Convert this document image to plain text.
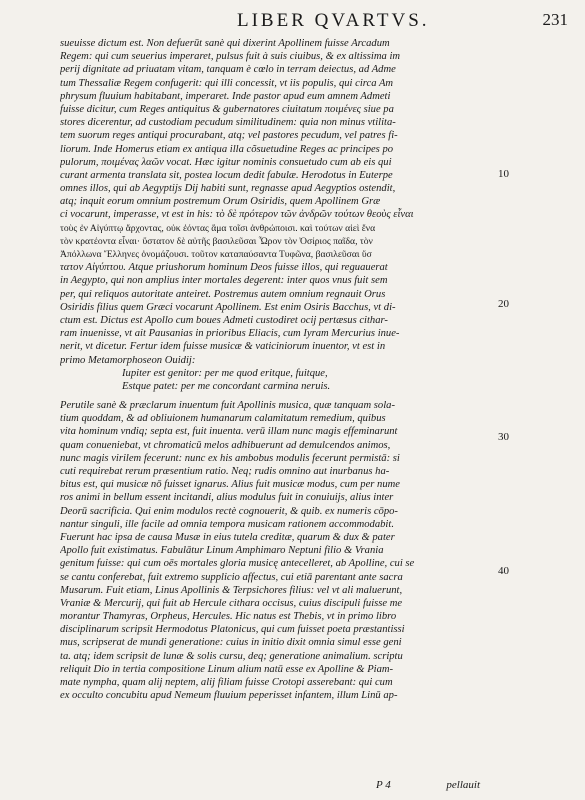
LIBER QVARTVS.	231
sueuisse dictum est. Non defuerūt sanè qui dixerint Apollinem fuisse Arcadum
Regem: qui cum seuerius imperaret, pulsus fuit à suis ciuibus, & ex altissima im
perij dignitate ad priuatam vitam, tanquam è cœlo in terram deiectus, ad Adme
tum Thessaliæ Regem confugerit: qui illi concessit, vt iis populis, qui circa Am
phrysum fluuium habitabant, imperaret. Inde pastor apud eum amnem Admeti
fuisse dicitur, cum Reges antiquitus & gubernatores ciuitatum ποιμένες siue pa
stores dicerentur, ad custodiam pecudum similitudinem: quia non minus vtilita-
tem suorum reges antiqui procurabant, atq; vel pastores pecudum, vel patres fi-
liorum. Inde Homerus etiam ex antiqua illa cõsuetudine Reges ac principes po
pulorum, ποιμένας λαῶν vocat. Hæc igitur nominis consuetudo cum ab eis qui
curant armenta translata sit, postea locum dedit fabulæ. Herodotus in Euterpe
omnes illos, qui ab Aegyptijs Dij habiti sunt, regnasse apud Aegyptios ostendit,
atq; inquit eorum omnium postremum Orum Osiridis, quem Apollinem Græ
ci vocarunt, imperasse, vt est in his: τὸ δὲ πρότερον τῶν ἀνδρῶν τούτων θεοὺς εἶναι
τοὺς ἐν Αἰγύπτῳ ἄρχοντας, οὐκ ἐόντας ἅμα τοῖσι ἀνθρώποισι. καὶ τούτων αἰεὶ ἕνα
τὸν κρατέοντα εἶναι· ὕστατον δὲ αὐτῆς βασιλεῦσαι Ὧρον τὸν Ὀσίριος παῖδα, τὸν
Ἀπόλλωνα Ἕλληνες ὀνομάζουσι. τοῦτον καταπαύσαντα Τυφῶνα, βασιλεῦσαι ὕσ
τατον Αἰγύπτου. Atque priushorum hominum Deos fuisse illos, qui reguauerat
in Aegypto, qui non amplius inter mortales degerent: inter quos vnus fuit sem
per, qui reliquos autoritate anteiret. Postremus autem omnium regnauit Orus
Osiridis filius quem Græci vocarunt Apollinem. Est enim Osiris Bacchus, vt di-
ctum est. Dictus est Apollo cum boues Admeti custodiret ocij pertæsus cithar-
ram inuenisse, vt ait Pausanias in prioribus Eliacis, cum Iyram Mercurius inue-
nerit, vt dicetur. Fertur idem fuisse musicæ & vaticiniorum inuentor, vt est in
primo Metamorphoseon Ouidij:
Iupiter est genitor: per me quod eritque, fuitque,
Estque patet: per me concordant carmina neruis.
Perutile sanè & præclarum inuentum fuit Apollinis musica, quæ tanquam sola-
tium quoddam, & ad obliuionem humanarum calamitatum remedium, quibus
vita hominum vndiq; septa est, fuit inuenta. verū illam nunc magis effeminarunt
quam conueniebat, vt chromaticū melos adhibuerunt ad demulcendos animos,
nunc magis virilem fecerunt: nunc ex his ambobus modulis fecerunt permistā: si
cuti requirebat rerum præsentium ratio. Neq; rudis omnino aut inurbanus ha-
bitus est, qui musicæ nō fuisset ignarus. Alius fuit musicæ modus, cum per nume
ros animi in bellum essent incitandi, alius modulus fuit in conuiuijs, alius inter
Deorū sacrificia. Qui enim modulos rectè cognouerit, & quib. ex numeris cōpo-
nantur singuli, ille facile ad omnia tempora musicam rationem accommodabit.
Fuerunt hac ipsa de causa Musæ in eius tutela creditæ, quarum & dux & pater
Apollo fuit existimatus. Fabulātur Linum Amphimaro Neptuni filio & Vrania
genitum fuisse: qui cum oēs mortales gloria musicę antecelleret, ab Apolline, cui se
se cantu conferebat, fuit extremo supplicio affectus, cui etiā parentant ante sacra
Musarum. Fuit etiam, Linus Apollinis & Terpsichores filius: vel vt ali maluerunt,
Vraniæ & Mercurij, qui fuit ab Hercule cithara occisus, cuius discipuli fuisse me
morantur Thamyras, Orpheus, Hercules. Hic natus est Thebis, vt in primo libro
disciplinarum scripsit Hermodotus Platonicus, qui cum fuisset poeta præstantissi
mus, scripserat de mundi generatione: cuius in initio dixit omnia simul esse geni
ta. atq; idem scripsit de lunæ & solis cursu, deq; generatione animalium. scriptu
reliquit Dio in tertia compositione Linum alium natū esse ex Apolline & Piam-
mate nympha, quam alij neptem, alij filiam fuisse Crotopi asserebant: qui cum
ex occulto concubitu apud Nemeum fluuium peperisset infantem, illum Linū ap-
10
20
30
40
P 4	pellauit
